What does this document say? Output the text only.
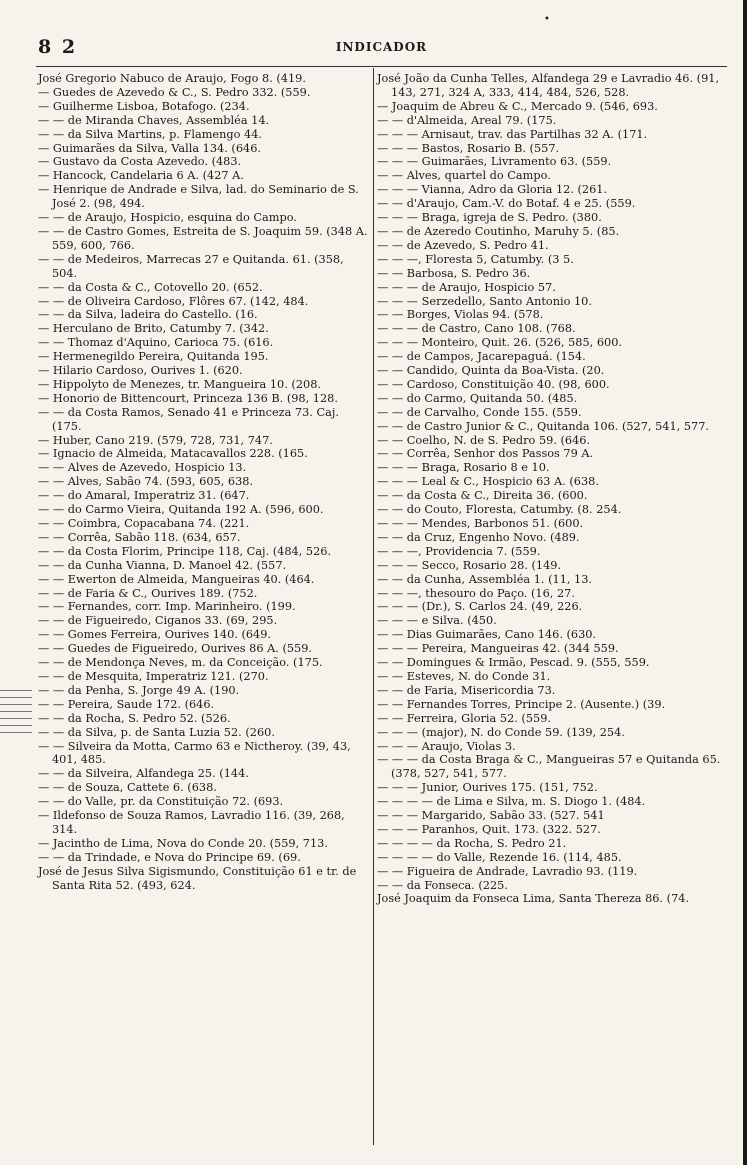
8 2	INDICADOR
•

José Gregorio Nabuco de Araujo, Fogo 8. (419.

— Guedes de Azevedo & C., S. Pedro 332. (559.

— Guilherme Lisboa, Botafogo. (234.

— — de Miranda Chaves, Assembléa 14.

— — da Silva Martins, p. Flamengo 44.

— Guimarães da Silva, Valla 134. (646.

— Gustavo da Costa Azevedo. (483.

— Hancock, Candelaria 6 A. (427 A.

— Henrique de Andrade e Silva, lad. do Seminario de S. José 2. (98, 494.

— — de Araujo, Hospicio, esquina do Campo.

— — de Castro Gomes, Estreita de S. Joaquim 59. (348 A. 559, 600, 766.

— — de Medeiros, Marrecas 27 e Quitanda. 61. (358, 504.

— — da Costa & C., Cotovello 20. (652.

— — de Oliveira Cardoso, Flôres 67. (142, 484.

— — da Silva, ladeira do Castello. (16.

— Herculano de Brito, Catumby 7. (342.

— — Thomaz d'Aquino, Carioca 75. (616.

— Hermenegildo Pereira, Quitanda 195.

— Hilario Cardoso, Ourives 1. (620.

— Hippolyto de Menezes, tr. Mangueira 10. (208.

— Honorio de Bittencourt, Princeza 136 B. (98, 128.

— — da Costa Ramos, Senado 41 e Princeza 73. Caj. (175.

— Huber, Cano 219. (579, 728, 731, 747.

— Ignacio de Almeida, Matacavallos 228. (165.

— — Alves de Azevedo, Hospicio 13.

— — Alves, Sabão 74. (593, 605, 638.

— — do Amaral, Imperatriz 31. (647.

— — do Carmo Vieira, Quitanda 192 A. (596, 600.

— — Coimbra, Copacabana 74. (221.

— — Corrêa, Sabão 118. (634, 657.

— — da Costa Florim, Principe 118, Caj. (484, 526.

— — da Cunha Vianna, D. Manoel 42. (557.

— — Ewerton de Almeida, Mangueiras 40. (464.

— — de Faria & C., Ourives 189. (752.

— — Fernandes, corr. Imp. Marinheiro. (199.

— — de Figueiredo, Ciganos 33. (69, 295.

— — Gomes Ferreira, Ourives 140. (649.

— — Guedes de Figueiredo, Ourives 86 A. (559.

— — de Mendonça Neves, m. da Conceição. (175.

— — de Mesquita, Imperatriz 121. (270.

— — da Penha, S. Jorge 49 A. (190.

— — Pereira, Saude 172. (646.

— — da Rocha, S. Pedro 52. (526.

— — da Silva, p. de Santa Luzia 52. (260.

— — Silveira da Motta, Carmo 63 e Nictheroy. (39, 43, 401, 485.

— — da Silveira, Alfandega 25. (144.

— — de Souza, Cattete 6. (638.

— — do Valle, pr. da Constituição 72. (693.

— Ildefonso de Souza Ramos, Lavradio 116. (39, 268, 314.

— Jacintho de Lima, Nova do Conde 20. (559, 713.

— — da Trindade, e Nova do Principe 69. (69.

José de Jesus Silva Sigismundo, Constituição 61 e tr. de Santa Rita 52. (493, 624.

José João da Cunha Telles, Alfandega 29 e Lavradio 46. (91, 143, 271, 324 A, 333, 414, 484, 526, 528.

— Joaquim de Abreu & C., Mercado 9. (546, 693.

— — d'Almeida, Areal 79. (175.

— — — Arnisaut, trav. das Partilhas 32 A. (171.

— — — Bastos, Rosario B. (557.

— — — Guimarães, Livramento 63. (559.

— — Alves, quartel do Campo.

— — — Vianna, Adro da Gloria 12. (261.

— — d'Araujo, Cam.-V. do Botaf. 4 e 25. (559.

— — — Braga, igreja de S. Pedro. (380.

— — de Azeredo Coutinho, Maruhy 5. (85.

— — de Azevedo, S. Pedro 41.

— — —, Floresta 5, Catumby. (3 5.

— — Barbosa, S. Pedro 36.

— — — de Araujo, Hospicio 57.

— — — Serzedello, Santo Antonio 10.

— — Borges, Violas 94. (578.

— — — de Castro, Cano 108. (768.

— — — Monteiro, Quit. 26. (526, 585, 600.

— — de Campos, Jacarepaguá. (154.

— — Candido, Quinta da Boa-Vista. (20.

— — Cardoso, Constituição 40. (98, 600.

— — do Carmo, Quitanda 50. (485.

— — de Carvalho, Conde 155. (559.

— — de Castro Junior & C., Quitanda 106. (527, 541, 577.

— — Coelho, N. de S. Pedro 59. (646.

— — Corrêa, Senhor dos Passos 79 A.

— — — Braga, Rosario 8 e 10.

— — — Leal & C., Hospicio 63 A. (638.

— — da Costa & C., Direita 36. (600.

— — do Couto, Floresta, Catumby. (8. 254.

— — — Mendes, Barbonos 51. (600.

— — da Cruz, Engenho Novo. (489.

— — —, Providencia 7. (559.

— — — Secco, Rosario 28. (149.

— — da Cunha, Assembléa 1. (11, 13.

— — —, thesouro do Paço. (16, 27.

— — — (Dr.), S. Carlos 24. (49, 226.

— — — e Silva. (450.

— — Dias Guimarães, Cano 146. (630.

— — — Pereira, Mangueiras 42. (344 559.

— — Domingues & Irmão, Pescad. 9. (555, 559.

— — Esteves, N. do Conde 31.

— — de Faria, Misericordia 73.

— — Fernandes Torres, Principe 2. (Ausente.) (39.

— — Ferreira, Gloria 52. (559.

— — — (major), N. do Conde 59. (139, 254.

— — — Araujo, Violas 3.

— — — da Costa Braga & C., Mangueiras 57 e Quitanda 65. (378, 527, 541, 577.

— — — Junior, Ourives 175. (151, 752.

— — — — de Lima e Silva, m. S. Diogo 1. (484.

— — — Margarido, Sabão 33. (527. 541

— — — Paranhos, Quit. 173. (322. 527.

— — — — da Rocha, S. Pedro 21.

— — — — do Valle, Rezende 16. (114, 485.

— — Figueira de Andrade, Lavradio 93. (119.

— — da Fonseca. (225.

José Joaquim da Fonseca Lima, Santa Thereza 86. (74.
